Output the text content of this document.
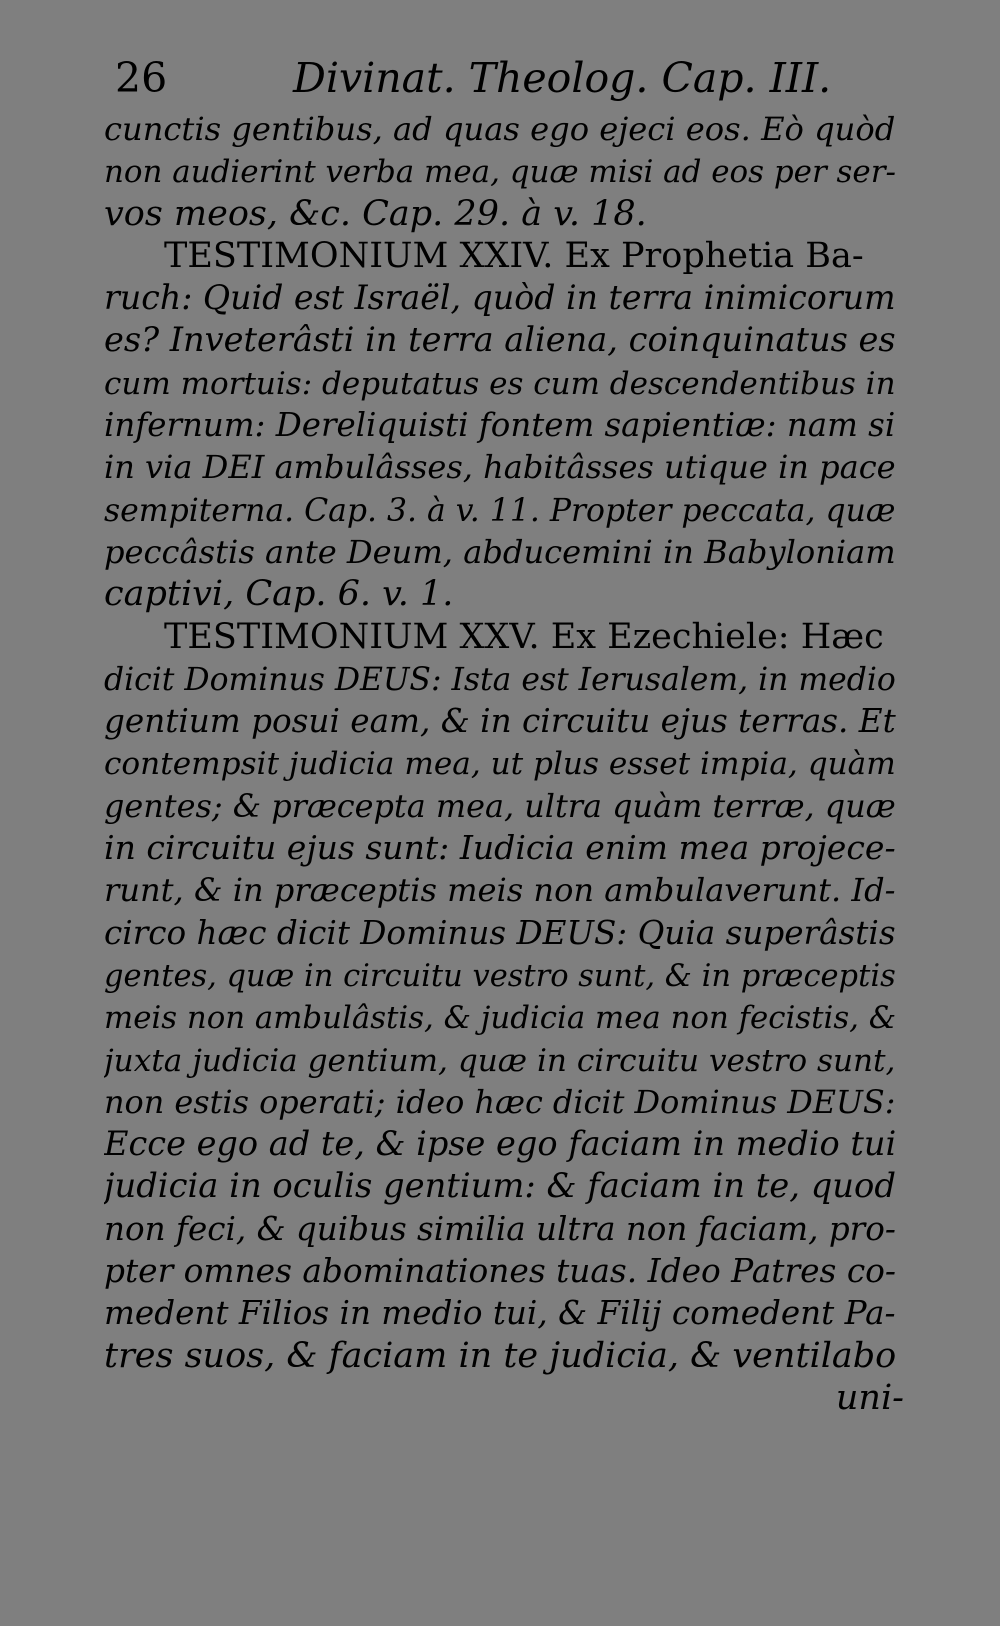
26	Divinat. Theolog. Cap. III.
cunctis gentibus, ad quas ego ejeci eos. Eò quòd
non audierint verba mea, quæ misi ad eos per ser-
vos meos, &c. Cap. 29. à v. 18.
TESTIMONIUM XXIV. Ex Prophetia Ba-
ruch: Quid est Israël, quòd in terra inimicorum
es? Inveterâsti in terra aliena, coinquinatus es
cum mortuis: deputatus es cum descendentibus in
infernum: Dereliquisti fontem sapientiæ: nam si
in via DEI ambulâsses, habitâsses utique in pace
sempiterna. Cap. 3. à v. 11. Propter peccata, quæ
peccâstis ante Deum, abducemini in Babyloniam
captivi, Cap. 6. v. 1.
TESTIMONIUM XXV. Ex Ezechiele: Hæc
dicit Dominus DEUS: Ista est Ierusalem, in medio
gentium posui eam, & in circuitu ejus terras. Et
contempsit judicia mea, ut plus esset impia, quàm
gentes; & præcepta mea, ultra quàm terræ, quæ
in circuitu ejus sunt: Iudicia enim mea projece-
runt, & in præceptis meis non ambulaverunt. Id-
circo hæc dicit Dominus DEUS: Quia superâstis
gentes, quæ in circuitu vestro sunt, & in præceptis
meis non ambulâstis, & judicia mea non fecistis, &
juxta judicia gentium, quæ in circuitu vestro sunt,
non estis operati; ideo hæc dicit Dominus DEUS:
Ecce ego ad te, & ipse ego faciam in medio tui
judicia in oculis gentium: & faciam in te, quod
non feci, & quibus similia ultra non faciam, pro-
pter omnes abominationes tuas. Ideo Patres co-
medent Filios in medio tui, & Filij comedent Pa-
tres suos, & faciam in te judicia, & ventilabo
uni-
